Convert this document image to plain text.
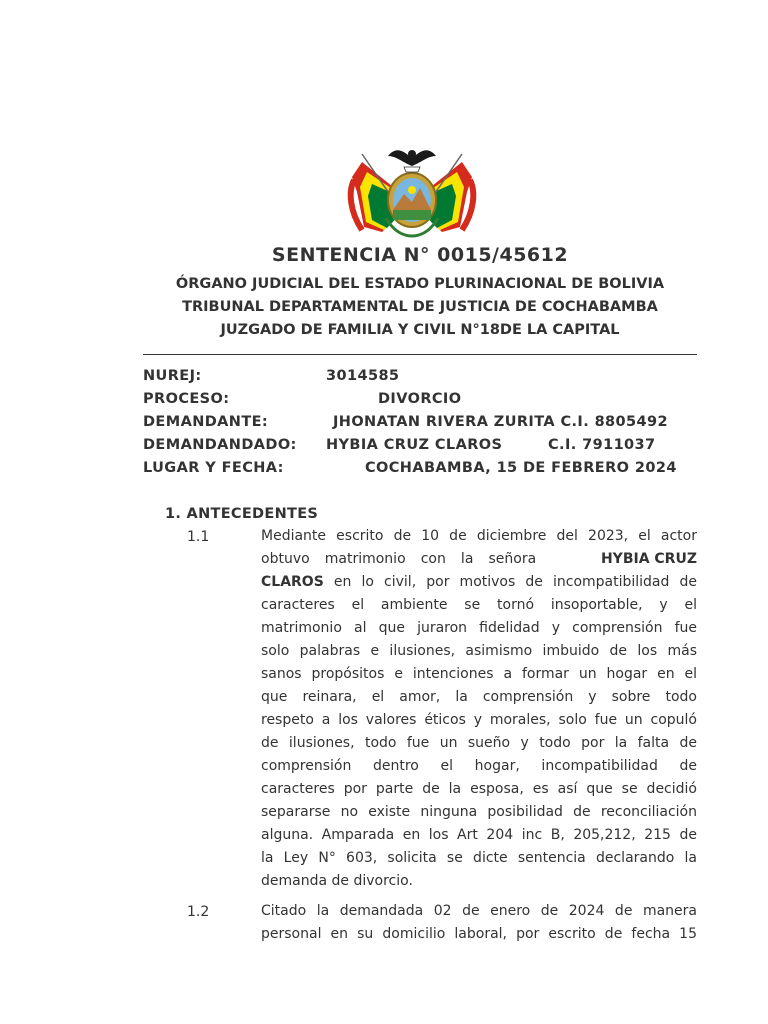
SENTENCIA N° 0015/45612
ÓRGANO JUDICIAL DEL ESTADO PLURINACIONAL DE BOLIVIA
TRIBUNAL DEPARTAMENTAL DE JUSTICIA DE COCHABAMBA
JUZGADO DE FAMILIA Y CIVIL N°18DE LA CAPITAL
NUREJ:	3014585
PROCESO:	DIVORCIO
DEMANDANTE:	JHONATAN RIVERA ZURITA C.I. 8805492
DEMANDANDADO: HYBIA CRUZ CLAROS	C.I. 7911037
LUGAR Y FECHA:	COCHABAMBA, 15 DE FEBRERO 2024
1. ANTECEDENTES
1.1	Mediante escrito de 10 de diciembre del 2023, el actor
obtuvo matrimonio con la señora	HYBIA CRUZ
CLAROS en lo civil, por motivos de incompatibilidad de
caracteres el ambiente se tornó insoportable, y el
matrimonio al que juraron fidelidad y comprensión fue
solo palabras e ilusiones, asimismo imbuido de los más
sanos propósitos e intenciones a formar un hogar en el
que reinara, el amor, la comprensión y sobre todo
respeto a los valores éticos y morales, solo fue un copuló
de ilusiones, todo fue un sueño y todo por la falta de
comprensión dentro el hogar, incompatibilidad de
caracteres por parte de la esposa, es así que se decidió
separarse no existe ninguna posibilidad de reconciliación
alguna. Amparada en los Art 204 inc B, 205,212, 215 de
la Ley N° 603, solicita se dicte sentencia declarando la
demanda de divorcio.
1.2	Citado la demandada 02 de enero de 2024 de manera
personal en su domicilio laboral, por escrito de fecha 15
